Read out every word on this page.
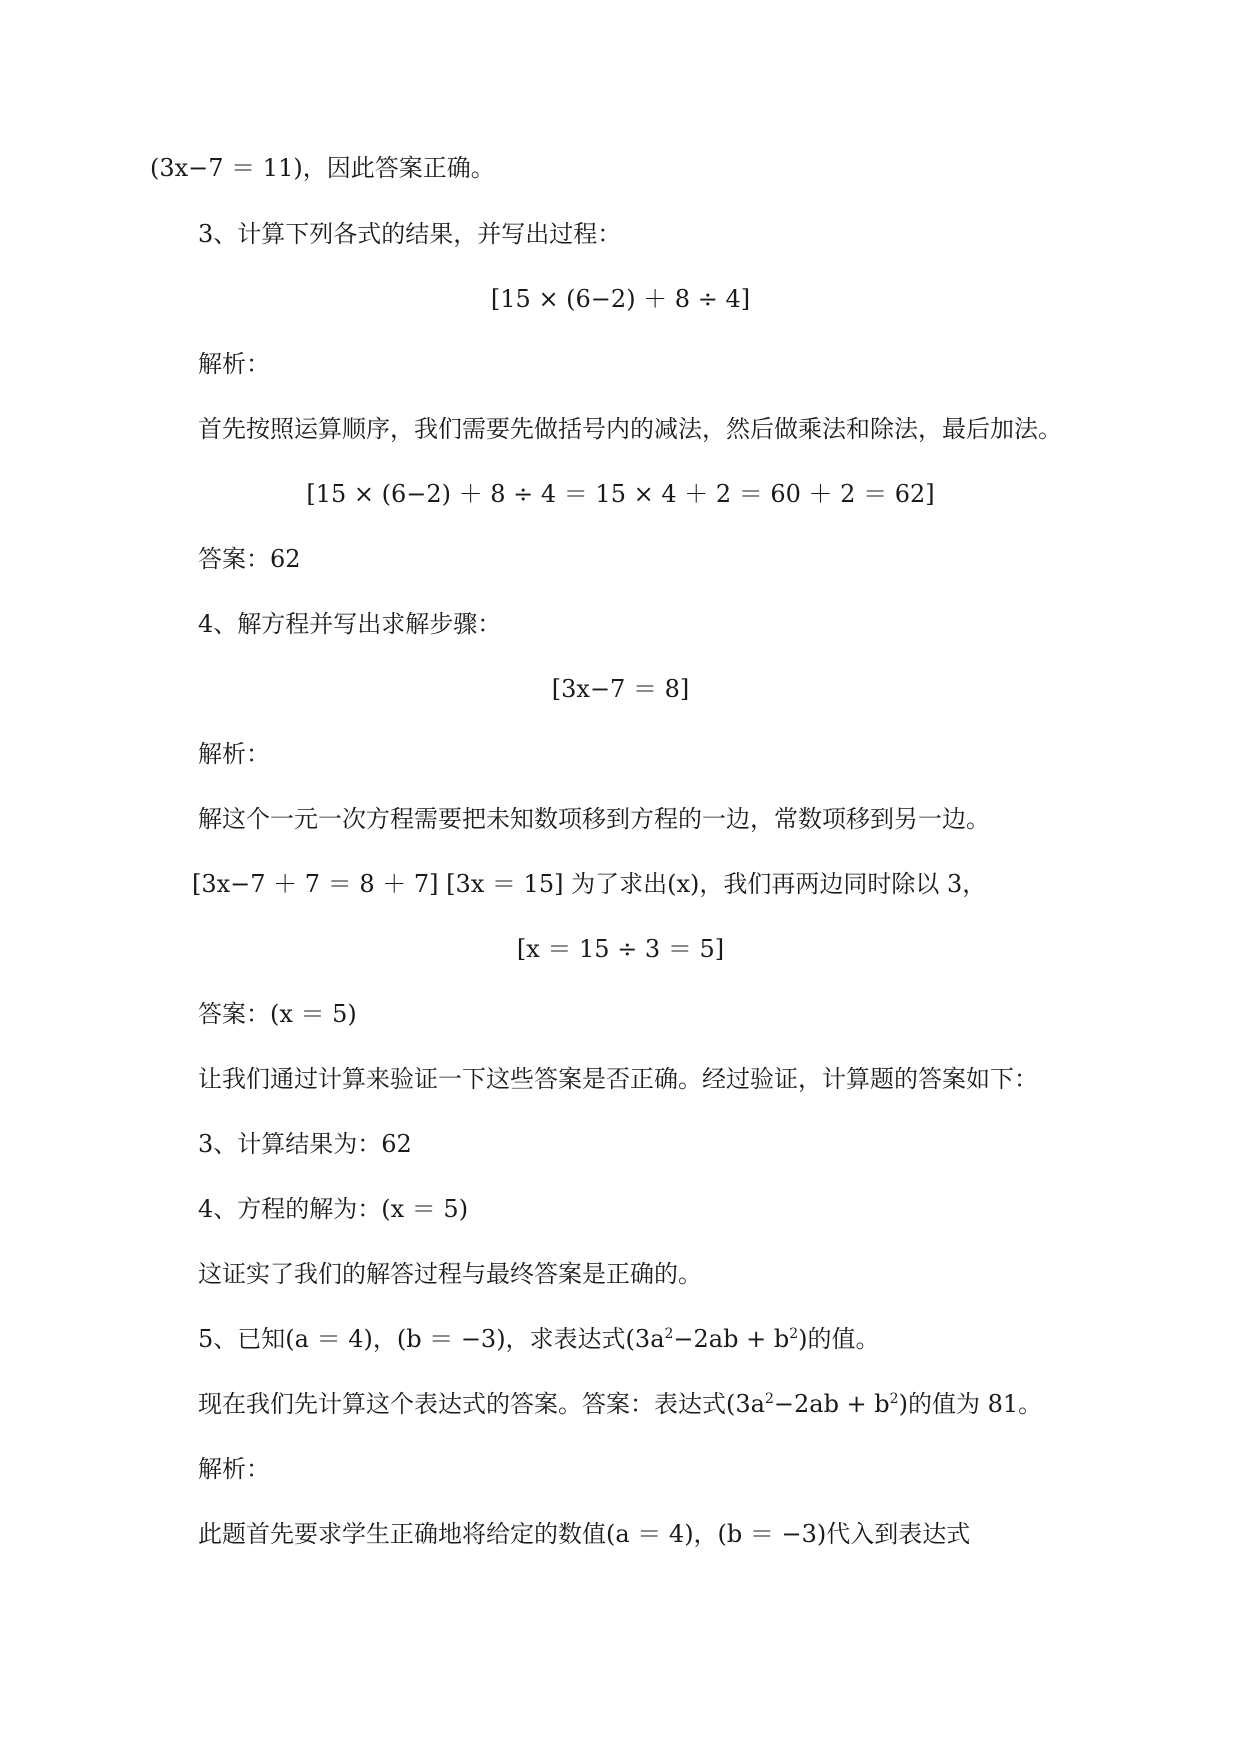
(3x−7 ＝ 11)，因此答案正确。
3、计算下列各式的结果，并写出过程：
[15 × (6−2) ＋ 8 ÷ 4]
解析：
首先按照运算顺序，我们需要先做括号内的减法，然后做乘法和除法，最后加法。
[15 × (6−2) ＋ 8 ÷ 4 ＝ 15 × 4 ＋ 2 ＝ 60 ＋ 2 ＝ 62]
答案：62
4、解方程并写出求解步骤：
[3x−7 ＝ 8]
解析：
解这个一元一次方程需要把未知数项移到方程的一边，常数项移到另一边。
[3x−7 ＋ 7 ＝ 8 ＋ 7] [3x ＝ 15] 为了求出(x)，我们再两边同时除以 3，
[x ＝ 15 ÷ 3 ＝ 5]
答案：(x ＝ 5)
让我们通过计算来验证一下这些答案是否正确。经过验证，计算题的答案如下：
3、计算结果为：62
4、方程的解为：(x ＝ 5)
这证实了我们的解答过程与最终答案是正确的。
5、已知(a ＝ 4)，(b ＝ −3)，求表达式$(3a^2-2ab + b^2)$的值。
现在我们先计算这个表达式的答案。答案：表达式$(3a^2-2ab + b^2)$的值为 81。
解析：
此题首先要求学生正确地将给定的数值(a ＝ 4)，(b ＝ −3)代入到表达式
